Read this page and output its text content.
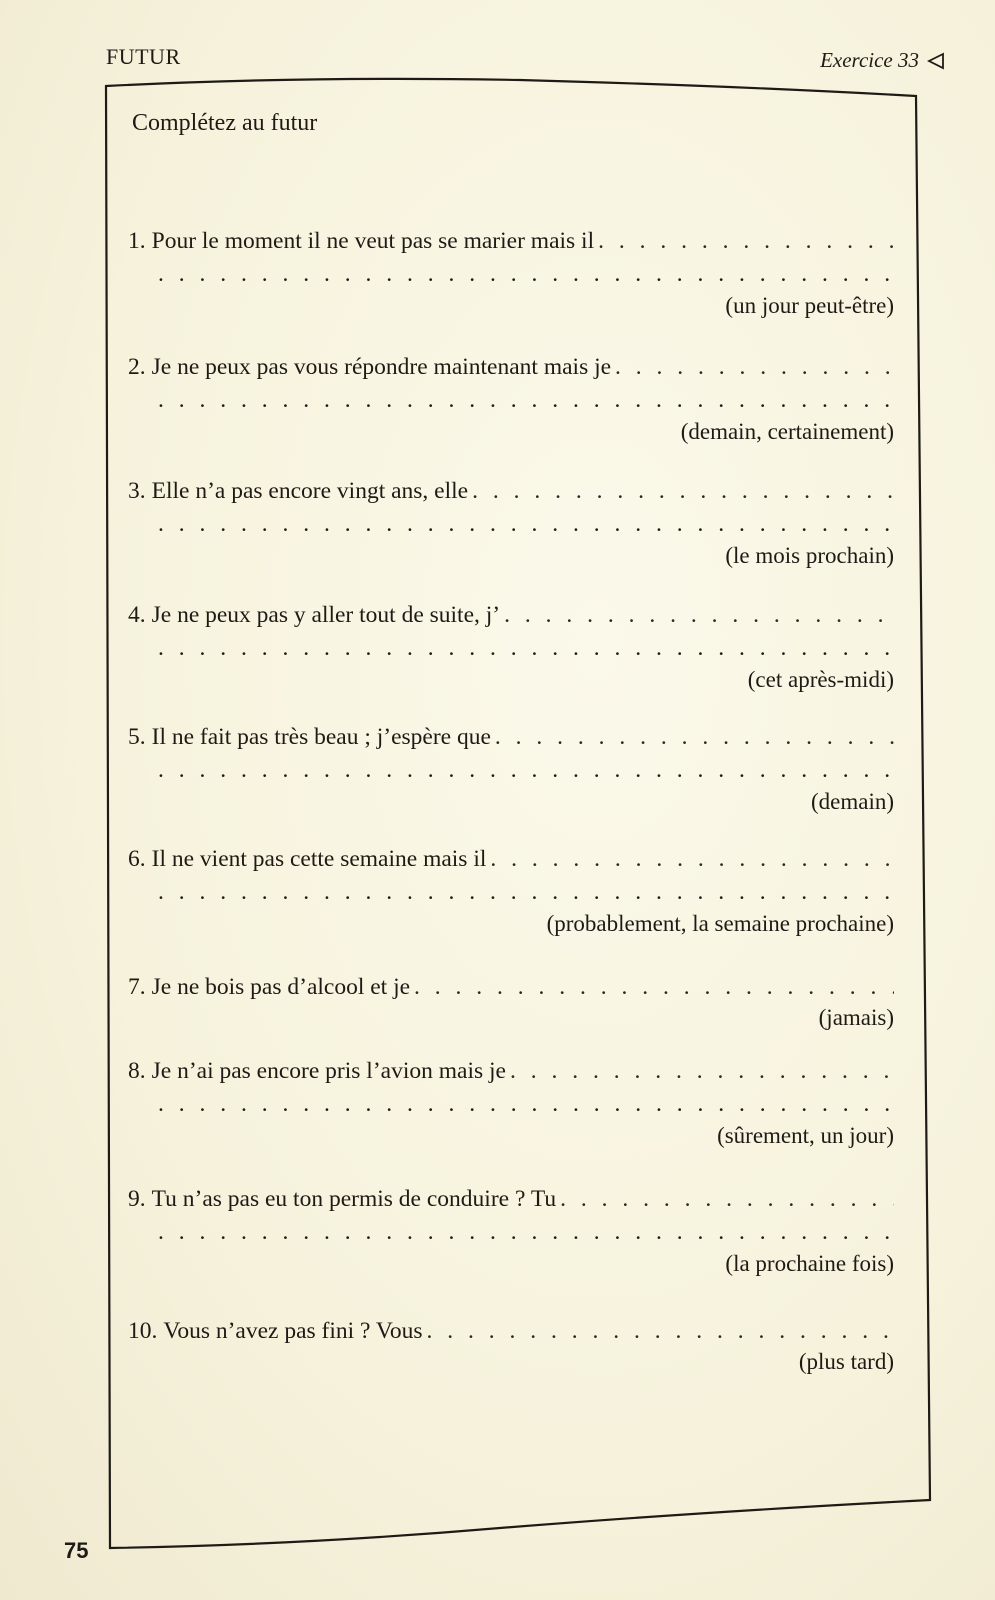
FUTUR	Exercice 33
Complétez au futur
1. Pour le moment il ne veut pas se marier mais il
. . .
. . .
(un jour peut-être)
2. Je ne peux pas vous répondre maintenant mais je
. . .
. . .
(demain, certainement)
3. Elle n’a pas encore vingt ans, elle
. . .
. . .
(le mois prochain)
4. Je ne peux pas y aller tout de suite, j’
. . .
. . .
(cet après-midi)
5. Il ne fait pas très beau ; j’espère que
. . .
. . .
(demain)
6. Il ne vient pas cette semaine mais il
. . .
. . .
(probablement, la semaine prochaine)
7. Je ne bois pas d’alcool et je
. . .
(jamais)
8. Je n’ai pas encore pris l’avion mais je
. . .
. . .
(sûrement, un jour)
9. Tu n’as pas eu ton permis de conduire ? Tu
. . .
. . .
(la prochaine fois)
10. Vous n’avez pas fini ? Vous
. . .
(plus tard)
75
